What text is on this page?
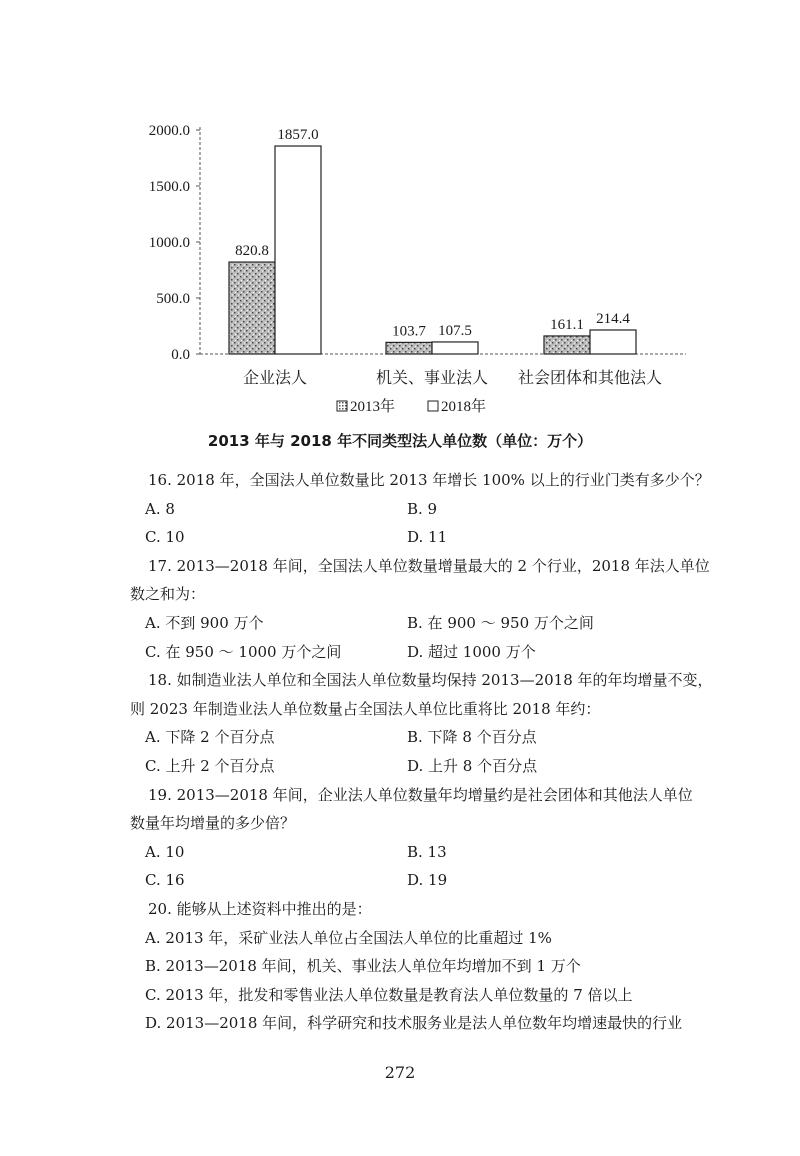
0.0
500.0
1000.0
1500.0
2000.0
820.8
1857.0
103.7 107.5	161.1 214.4
企业法人	机关、事业法人 社会团体和其他法人
2013年	2018年
2013 年与 2018 年不同类型法人单位数（单位：万个）
16. 2018 年，全国法人单位数量比 2013 年增长 100% 以上的行业门类有多少个？
A. 8	B. 9
C. 10	D. 11
17. 2013—2018 年间，全国法人单位数量增量最大的 2 个行业，2018 年法人单位
数之和为：
A. 不到 900 万个	B. 在 900 ～ 950 万个之间
C. 在 950 ～ 1000 万个之间	D. 超过 1000 万个
18. 如制造业法人单位和全国法人单位数量均保持 2013—2018 年的年均增量不变，
则 2023 年制造业法人单位数量占全国法人单位比重将比 2018 年约：
A. 下降 2 个百分点	B. 下降 8 个百分点
C. 上升 2 个百分点	D. 上升 8 个百分点
19. 2013—2018 年间，企业法人单位数量年均增量约是社会团体和其他法人单位
数量年均增量的多少倍？
A. 10	B. 13
C. 16	D. 19
20. 能够从上述资料中推出的是：
A. 2013 年，采矿业法人单位占全国法人单位的比重超过 1%
B. 2013—2018 年间，机关、事业法人单位年均增加不到 1 万个
C. 2013 年，批发和零售业法人单位数量是教育法人单位数量的 7 倍以上
D. 2013—2018 年间，科学研究和技术服务业是法人单位数年均增速最快的行业
272
